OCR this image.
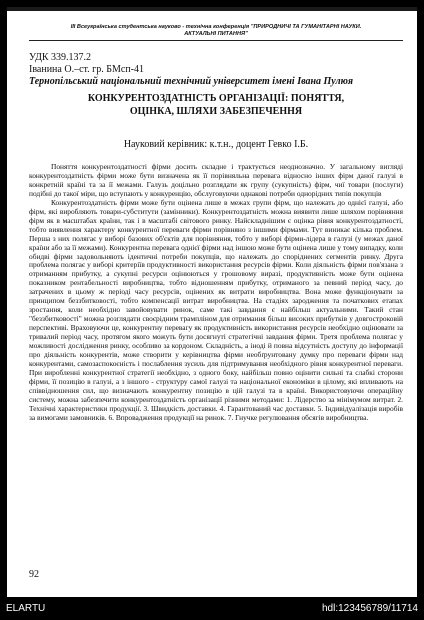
III Всеукраїнська студентська науково - технічна конференція "ПРИРОДНИЧІ ТА ГУМАНІТАРНІ НАУКИ.
АКТУАЛЬНІ ПИТАННЯ"
УДК 339.137.2
Іванина О.–ст. гр. БМсп-41
Тернопільський національний технічний університет імені Івана Пулюя
КОНКУРЕНТОЗДАТНІСТЬ ОРГАНІЗАЦІЇ: ПОНЯТТЯ,
ОЦІНКА, ШЛЯХИ ЗАБЕЗПЕЧЕННЯ
Науковий керівник: к.т.н., доцент Гевко І.Б.

Поняття конкурентоздатності фірми досить складне і трактується неоднозначно. У загальному вигляді конкурентоздатність фірми може бути визначена як її порівняльна перевага відносно інших фірм даної галузі в конкретній країні та за її межами. Галузь доцільно розглядати як групу (сукупність) фірм, чиї товари (послуги) подібні до такої міри, що вступають у конкуренцію, обслуговуючи однакові потреби однорідних типів покупців

Конкурентоздатність фірми може бути оцінена лише в межах групи фірм, що належать до однієї галузі, або фірм, які виробляють товари-субститути (замінники). Конкурентоздатність можна виявити лише шляхом порівняння фірм як в масштабах країни, так і в масштабі світового ринку. Найскладнішим є оцінка рівня конкурентоздатності, тобто виявлення характеру конкурентної переваги фірми порівняно з іншими фірмами. Тут виникає кілька проблем. Перша з них полягає у виборі базових об'єктів для порівняння, тобто у виборі фірми-лідера в галузі (у межах даної країни або за її межами). Конкурентна перевага однієї фірми над іншою може бути оцінена лише у тому випадку, коли обидві фірми задовольняють ідентичні потреби покупців, що належать до споріднених сегментів ринку. Друга проблема полягає у виборі критеріїв продуктивності використання ресурсів фірми. Коли діяльність фірми пов'язана з отриманням прибутку, а сукупні ресурси оцінюються у грошовому виразі, продуктивність може бути оцінена показником рентабельності виробництва, тобто відношенням прибутку, отриманого за певний період часу, до затрачених в цьому ж періоді часу ресурсів, оцінених як витрати виробництва. Вона може функціонувати за принципом беззбитковості, тобто компенсації витрат виробництва. На стадіях зародження та початкових етапах зростання, коли необхідно завойовувати ринок, саме такі завдання є найбільш актуальними. Такий стан "беззбитковості" можна розглядати своєрідним трампліном для отримання більш високих прибутків у довгостроковій перспективі. Враховуючи це, конкурентну перевагу як продуктивність використання ресурсів необхідно оцінювати за тривалий період часу, протягом якого можуть бути досягнуті стратегічні завдання фірми. Третя проблема полягає у можливості дослідження ринку, особливо за кордоном. Складність, а іноді й повна відсутність доступу до інформації про діяльність конкурентів, може створити у керівництва фірми необґрунтовану думку про переваги фірми над конкурентами, самозаспокоєність і послаблення зусиль для підтримування необхідного рівня конкурентної переваги. При виробленні конкурентної стратегії необхідно, з одного боку, найбільш повно оцінити сильні та слабкі сторони фірми, її позицію в галузі, а з іншого - структуру самої галузі та національної економіки в цілому, які впливають на співвідношення сил, що визначають конкурентну позицію в цій галузі та в країні. Використовуючи операційну систему, можна забезпечити конкурентоздатність організації різними методами: 1. Лідерство за мінімумом витрат. 2. Технічні характеристики продукції. 3. Швидкість доставки. 4. Гарантований час доставки. 5. Індивідуалізація виробів за вимогами замовників. 6. Впровадження продукції на ринок. 7. Гнучке регулювання обсягів виробництва.

92
ELARTU	hdl:123456789/11714
